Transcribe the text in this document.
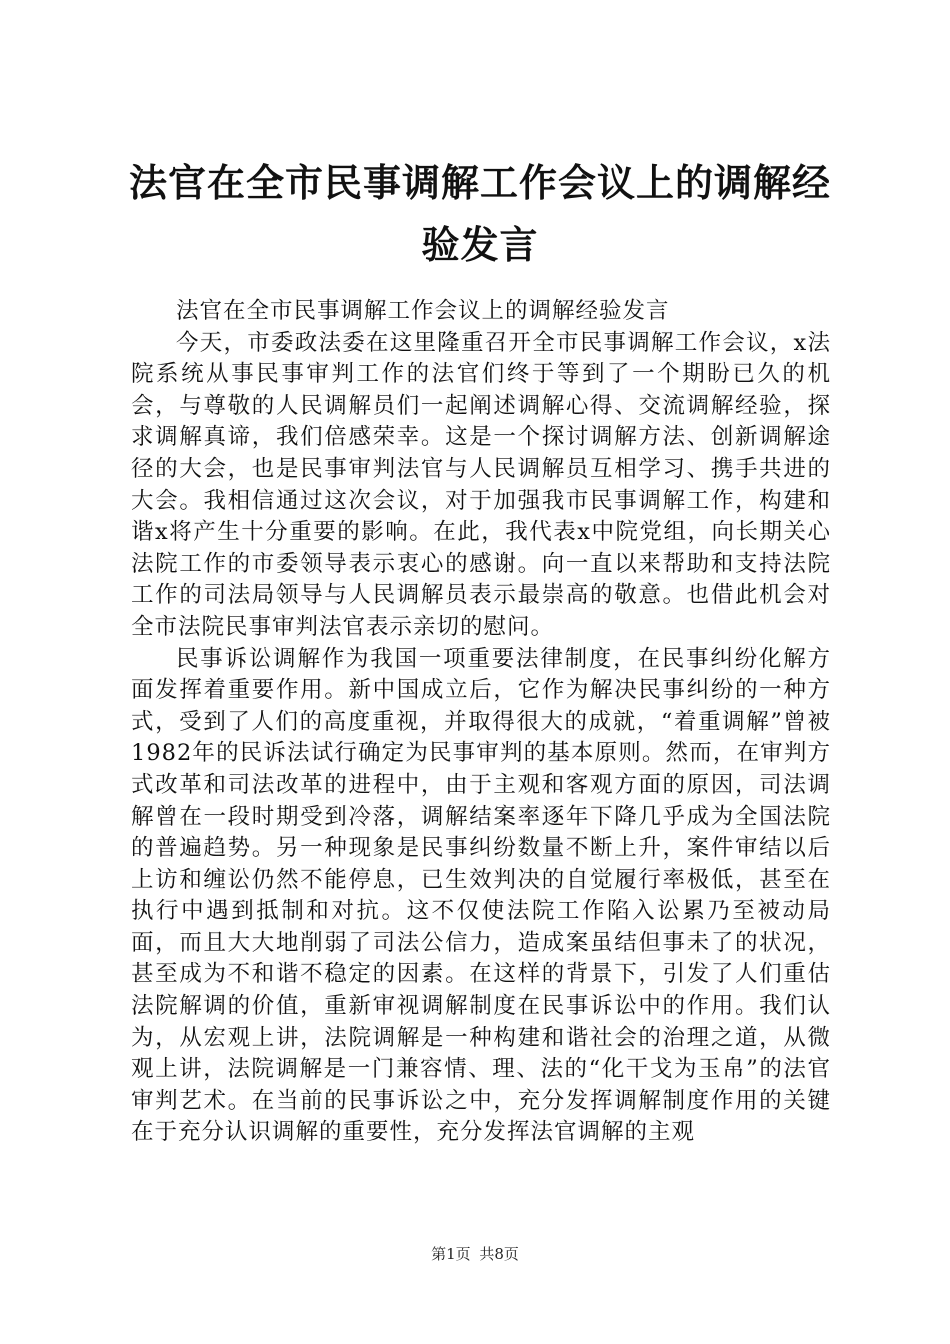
法官在全市民事调解工作会议上的调解经验发言

法官在全市民事调解工作会议上的调解经验发言

今天，市委政法委在这里隆重召开全市民事调解工作会议，x法院系统从事民事审判工作的法官们终于等到了一个期盼已久的机会，与尊敬的人民调解员们一起阐述调解心得、交流调解经验，探求调解真谛，我们倍感荣幸。这是一个探讨调解方法、创新调解途径的大会，也是民事审判法官与人民调解员互相学习、携手共进的大会。我相信通过这次会议，对于加强我市民事调解工作，构建和谐x将产生十分重要的影响。在此，我代表x中院党组，向长期关心法院工作的市委领导表示衷心的感谢。向一直以来帮助和支持法院工作的司法局领导与人民调解员表示最崇高的敬意。也借此机会对全市法院民事审判法官表示亲切的慰问。

民事诉讼调解作为我国一项重要法律制度，在民事纠纷化解方面发挥着重要作用。新中国成立后，它作为解决民事纠纷的一种方式，受到了人们的高度重视，并取得很大的成就，“着重调解”曾被1982年的民诉法试行确定为民事审判的基本原则。然而，在审判方式改革和司法改革的进程中，由于主观和客观方面的原因，司法调解曾在一段时期受到冷落，调解结案率逐年下降几乎成为全国法院的普遍趋势。另一种现象是民事纠纷数量不断上升，案件审结以后上访和缠讼仍然不能停息，已生效判决的自觉履行率极低，甚至在执行中遇到抵制和对抗。这不仅使法院工作陷入讼累乃至被动局面，而且大大地削弱了司法公信力，造成案虽结但事未了的状况，甚至成为不和谐不稳定的因素。在这样的背景下，引发了人们重估法院解调的价值，重新审视调解制度在民事诉讼中的作用。我们认为，从宏观上讲，法院调解是一种构建和谐社会的治理之道，从微观上讲，法院调解是一门兼容情、理、法的“化干戈为玉帛”的法官审判艺术。在当前的民事诉讼之中，充分发挥调解制度作用的关键在于充分认识调解的重要性，充分发挥法官调解的主观

第1页 共8页
